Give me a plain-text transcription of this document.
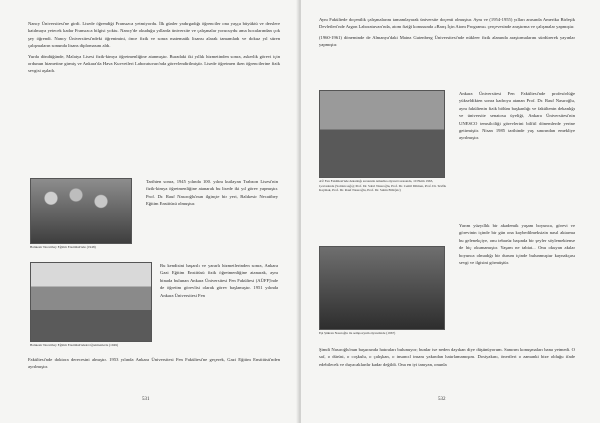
Nancy Üniversitesi'ne girdi. Lisede öğrendiği Fransızca yetmiyordu. İlk günler yadırgadığı öğrenciler ona yaşça büyüktü ve derslere katılmaya yetecek kadar Fransızca bilgisi yoktu. Nancy'de okuduğu yıllarda üniversite ve çalışmalar yorucuydu ama hocalarından çok şey öğrendi. Nancy Üniversitesi'ndeki öğrenimini, önce fizik ve sonra matematik lisansı alarak tamamladı ve dokuz yıl süren çalışmaların sonunda lisans diplomasını aldı.

Yurda döndüğünde, Malatya Lisesi fizik-kimya öğretmenliğine atanmıştır. Buradaki iki yıllık hizmetinden sonra, askerlik görevi için ordunun hizmetine girmiş ve Ankara'da Hava Kuvvetleri Laboratuvarı'nda görevlendirilmiştir. Lisede öğretmen iken öğrencilerine fizik sevgisi aşıladı.

Balıkesir Necatibey Eğitim Enstitüsü'nde (1948)

Tarihten sonra, 1945 yılında 100. yılını kutlayan Trabzon Lisesi'nin fizik-kimya öğretmenliğine atanarak bu lisede iki yıl görev yapmıştır. Prof. Dr. Rauf Nasıroğlu'nun ilginçte bir yeri, Balıkesir Necatibey Eğitim Enstitüsü olmuştur.

Balıkesir Necatibey Eğitim Enstitüsü'ndeki öğretmenlerle (1949)

Bu kendisini başarılı ve yararlı hizmetlerinden sonra, Ankara Gazi Eğitim Enstitüsü fizik öğretmenliğine atanarak, aynı binada bulunan Ankara Üniversitesi Fen Fakültesi (AÜFF)'nde de öğretim görevlisi olarak görev başlamıştır. 1951 yılında Ankara Üniversitesi Fen

Fakültesi'nde doktora derecesini almıştır. 1953 yılında Ankara Üniversitesi Fen Fakültesi'ne geçerek, Gazi Eğitim Enstitüsü'nden ayrılmıştır.

531

Aynı Fakültede doçentlik çalışmalarını tamamlayarak üniversite doçenti olmuştur. Aynı ve (1954-1955) yılları arasında Amerika Birleşik Devletleri'nde Argon Laboratuvarı'nda, atom fiziği konusunda «Barış İçin Atom Programı» çerçevesinde araştırma ve çalışmalar yapmıştır.

(1960-1961) döneminde de Almanya'daki Mainz Gutenberg Üniversitesi'nde nükleer fizik alanında araştırmalarını sürdürerek yayınlar yapmıştır.

AÜ Fen Fakültesi'nde dekanlığı sırasında Amerika ziyareti sırasında, 10 Ekim 1963, Çevresinde (Soldan sağa); Prof. Dr. Sabri Nasıroğlu, Prof. Dr. Cemil Dilmen, Prof. Dr. Tevfik Kaymak, Prof. Dr. Rauf Nasıroğlu, Prof. Dr. Sahin Bilir(sic)

Ankara Üniversitesi Fen Fakültesi'nde profesörlüğe yükseldikten sonra kadroya atanan Prof. Dr. Rauf Nasıroğlu, aynı fakültenin fizik bölüm başkanlığı ve fakültenin dekanlığı ve üniversite senatosu üyeliği, Ankara Üniversitesi'nin UNESCO temsilciliği görevlerini bilfiil dönemlerde yerine getirmiştir. Nisan 1985 tarihinde yaş sınırından emekliye ayrılmıştır.

Eşi Şükran Nasıroğlu ile sempozyum ziyaretinde (1967)

Yarım yüzyıllık bir akademik yaşam boyunca, görevi ve görevinin içinde bir gün ona kaybedilmeksizin nasıl aktarma bu gelenekçiye, onu tebarüz başında bir şeyler söylemektense de hiç okumamıştır. Yaşam ne tabiat... Onu okuyan akılar boyunca olmadığı bir durum içinde bulunmuştur kaynakçası sevgi ve ilgisini görmüştür.

Şimdi Nasıroğlu'nun başucunda hatıraları bulunuyor; bunlar ise neden dayıkan diye düşünüyorum. Sanırım konuşmaları bana yetmedi. O saf, o dürüst, o coşkulu, o çalışkan, o insancıl insanı yakından hatırlamamışım. Dostyakını, önerileri o zamanki bize olduğu ifade edebilecek ve duyacaklardır kadar değildi. Ona en iyi tanıyan, onunla

532
